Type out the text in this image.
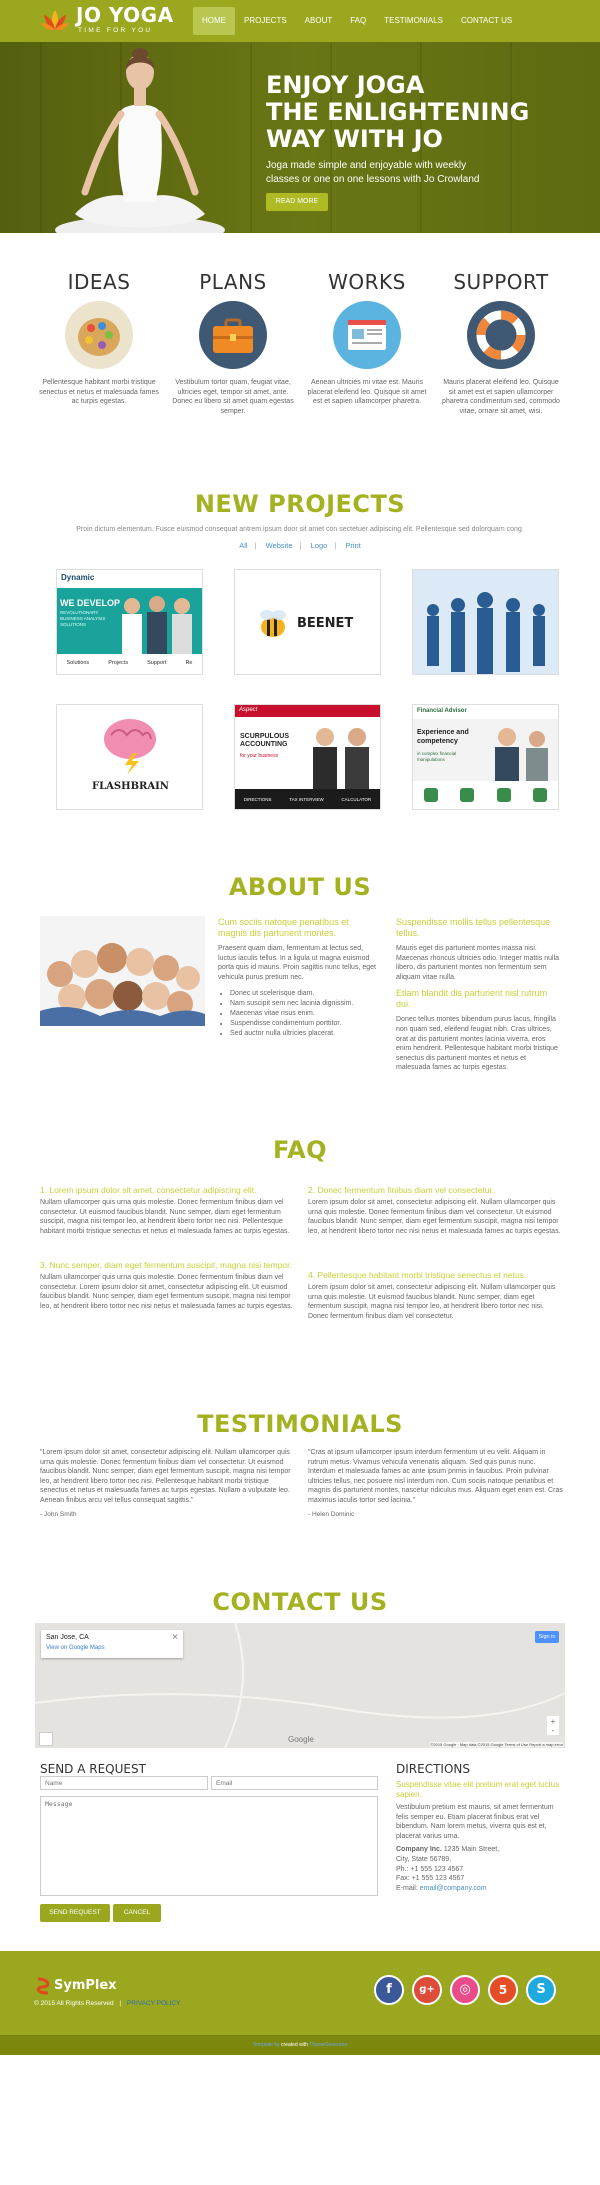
JO YOGA
TIME FOR YOU
HOME	PROJECTS	ABOUT	FAQ	TESTIMONIALS	CONTACT US
ENJOY JOGA
THE ENLIGHTENING
WAY WITH JO
Joga made simple and enjoyable with weekly classes or one on one lessons with Jo Crowland
READ MORE
IDEAS
Pellentesque habitant morbi tristique senectus et netus et malesuada fames ac turpis egestas.
PLANS
Vestibulum tortor quam, feugiat vitae, ultricies eget, tempor sit amet, ante. Donec eu libero sit amet quam egestas semper.
WORKS
Aenean ultricies mi vitae est. Mauris placerat eleifend leo. Quisque sit amet est et sapien ullamcorper pharetra.
SUPPORT
Mauris placerat eleifend leo. Quisque sit amet est et sapien ullamcorper pharetra condimentum sed, commodo vitae, ornare sit amet, wisi.
NEW PROJECTS
Proin dictum elementum. Fusce euismod consequat antrem ipsum door sit amet con sectetuer adipiscing elit. Pellentesque sed dolorquam cong.
All | Website | Logo | Print
Dynamic
WE DEVELOP
REVOLUTIONARY BUSINESS ANALYSIS SOLUTIONS
Solutions	Projects	Support	Re
BEENET
FLASHBRAIN
Aspect
SCURPULOUS ACCOUNTING
for your business
DIRECTIONS	TAX INTERVIEW	CALCULATOR
Financial Advisor
Experience and competency
in complex financial manipulations
ABOUT US
Cum sociis natoque penatibus et magnis dis parturient montes.
Praesent quam diam, fermentum at lectus sed, luctus iaculis tellus. In a ligula ut magna euismod porta quis id mauris. Proin sagittis nunc tellus, eget vehicula purus pretium nec.
• Donec ut scelerisque diam.
• Nam suscipit sem nec lacinia dignissim.
• Maecenas vitae risus enim.
• Suspendisse condimentum porttitor.
• Sed auctor nulla ultricies placerat.
Suspendisse mollis tellus pellentesque tellus.
Mauris eget dis parturient montes massa nisi. Maecenas rhoncus ultricies odio. Integer mattis nulla libero, dis parturient montes non fermentum sem aliquam vitae nulla.
Etiam blandit dis parturient nisl rutrum dui.
Donec tellus montes bibendum purus lacus, fringilla non quam sed, eleifend feugiat nibh. Cras ultrices, orat at dis parturient montes lacinia viverra, eros enim hendrerit. Pellentesque habitant morbi tristique senectus dis parturient montes et netus et malesuada fames ac turpis egestas.
FAQ
1. Lorem ipsum dolor sit amet, consectetur adipiscing elit.
Nullam ullamcorper quis urna quis molestie. Donec fermentum finibus diam vel consectetur. Ut euismod faucibus blandit. Nunc semper, diam eget fermentum suscipit, magna nisi tempor leo, at hendrerit libero tortor nec nisi. Pellentesque habitant morbi tristique senectus et netus et malesuada fames ac turpis egestas.
2. Donec fermentum finibus diam vel consectetur.
Lorem ipsum dolor sit amet, consectetur adipiscing elit. Nullam ullamcorper quis urna quis molestie. Donec fermentum finibus diam vel consectetur. Ut euismod faucibus blandit. Nunc semper, diam eget fermentum suscipit, magna nisi tempor leo, at hendrerit libero tortor nec nisi netus et malesuada fames ac turpis egestas.
3. Nunc semper, diam eget fermentum suscipit, magna nisi tempor.
Nullam ullamcorper quis urna quis molestie. Donec fermentum finibus diam vel consectetur. Lorem ipsum dolor sit amet, consectetur adipiscing elit. Ut euismod faucibus blandit. Nunc semper, diam eget fermentum suscipit, magna nisi tempor leo, at hendrerit libero tortor nec nisi netus et malesuada fames ac turpis egestas.
4. Pellentesque habitant morbi tristique senectus et netus.
Lorem ipsum dolor sit amet, consectetur adipiscing elit. Nullam ullamcorper quis urna quis molestie. Ut euismod faucibus blandit. Nunc semper, diam eget fermentum suscipit, magna nisi tempor leo, at hendrerit libero tortor nec nisi. Donec fermentum finibus diam vel consectetur.
TESTIMONIALS
"Lorem ipsum dolor sit amet, consectetur adipiscing elit. Nullam ullamcorper quis urna quis molestie. Donec fermentum finibus diam vel consectetur. Ut euismod faucibus blandit. Nunc semper, diam eget fermentum suscipit, magna nisi tempor leo, at hendrerit libero tortor nec nisi. Pellentesque habitant morbi tristique senectus et netus et malesuada fames ac turpis egestas. Nullam a vulputate leo. Aenean finibus arcu vel tellus consequat sagittis."
- John Smith
"Cras at ipsum ullamcorper ipsum interdum fermentum ut eu velit. Aliquam in rutrum metus. Vivamus vehicula venenatis aliquam. Sed quis purus nunc. Interdum et malesuada fames ac ante ipsum primis in faucibus. Proin pulvinar ultricies tellus, nec posuere nisl interdum non. Cum sociis natoque penatibus et magnis dis parturient montes, nascetur ridiculus mus. Aliquam eget enim est. Cras maximus iaculis tortor sed lacinia."
- Helen Dominic
CONTACT US
San Jose, CA
View on Google Maps
×	Sign in
+
-
Google
©2015 Google · Map data ©2015 Google Terms of Use Report a map error
SEND A REQUEST
Name
Email
Message
SEND REQUEST	CANCEL
DIRECTIONS
Suspendisse vitae elit pretium erat eget luctus sapien.
Vestibulum pretium est mauris, sit amet fermentum felis semper eu. Etiam placerat finibus erat vel bibendum. Nam lorem metus, viverra quis est et, placerat varius urna.
Company Inc. 1235 Main Street,
City, State 56789,
Ph.: +1 555 123 4567
Fax: +1 555 123 4567
E-mail: email@company.com
SymPlex
© 2015 All Rights Reserved | PRIVACY POLICY
f	g+	◎	5	S
Template by created with ThemeGenerator
